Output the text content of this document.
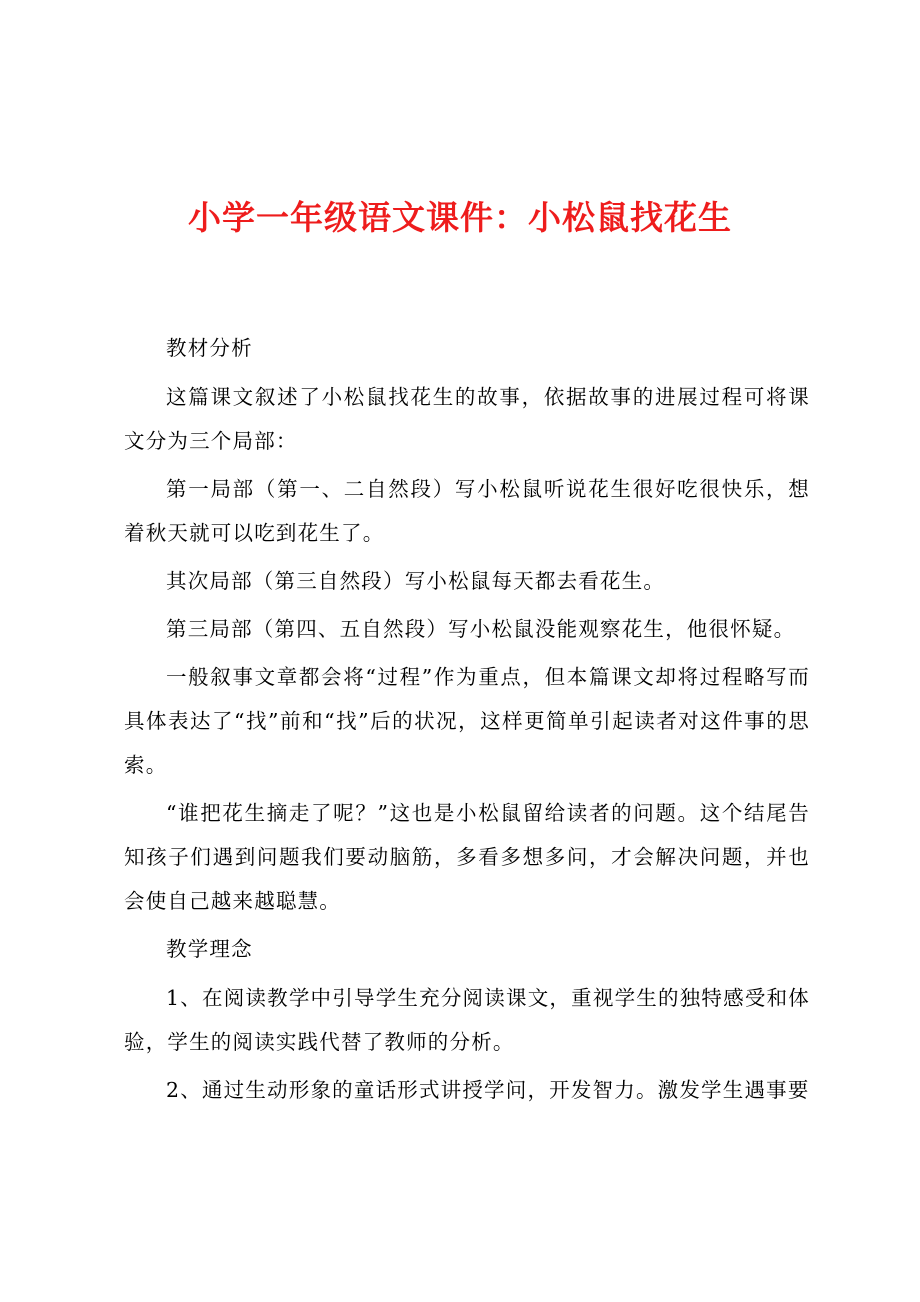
小学一年级语文课件：小松鼠找花生

教材分析

这篇课文叙述了小松鼠找花生的故事，依据故事的进展过程可将课文分为三个局部：

第一局部（第一、二自然段）写小松鼠听说花生很好吃很快乐，想着秋天就可以吃到花生了。

其次局部（第三自然段）写小松鼠每天都去看花生。

第三局部（第四、五自然段）写小松鼠没能观察花生，他很怀疑。

一般叙事文章都会将“过程”作为重点，但本篇课文却将过程略写而具体表达了“找”前和“找”后的状况，这样更简单引起读者对这件事的思索。

“谁把花生摘走了呢？”这也是小松鼠留给读者的问题。这个结尾告知孩子们遇到问题我们要动脑筋，多看多想多问，才会解决问题，并也会使自己越来越聪慧。

教学理念

1、在阅读教学中引导学生充分阅读课文，重视学生的独特感受和体验，学生的阅读实践代替了教师的分析。

2、通过生动形象的童话形式讲授学问，开发智力。激发学生遇事要
